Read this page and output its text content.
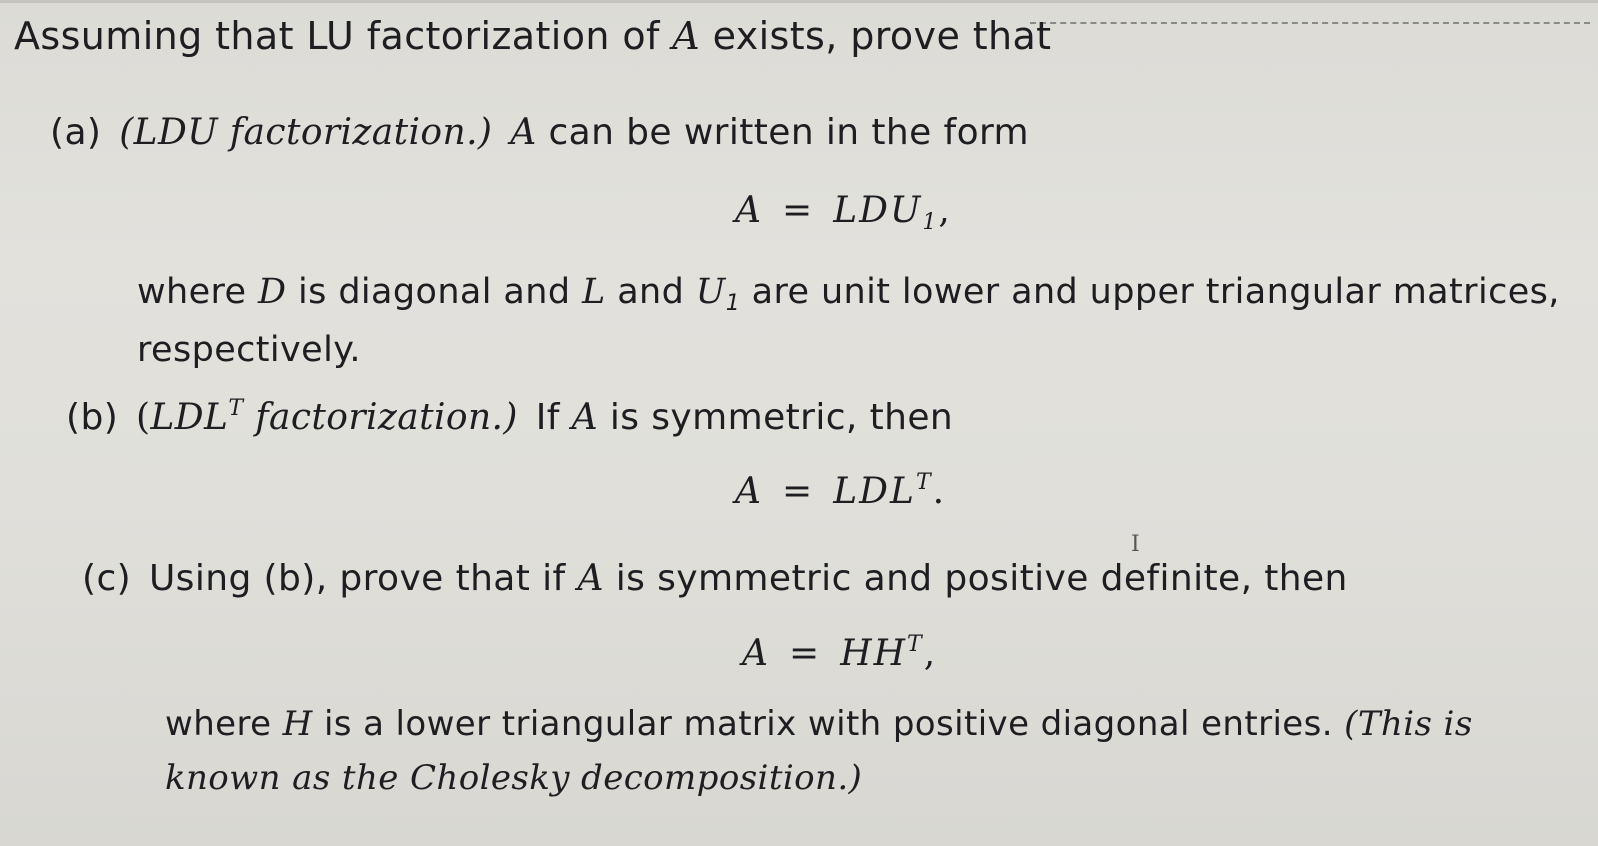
Assuming that LU factorization of A exists, prove that
(a) (LDU factorization.) A can be written in the form
A  =  $LDU_1$,
where D is diagonal and L and $U_1$ are unit lower and upper triangular matrices,
respectively.
(b) ($LDL^T$ factorization.) If A is symmetric, then
A  =  $LDL^T$.
I
(c) Using (b), prove that if A is symmetric and positive definite, then
A  =  $HH^T$,
where H is a lower triangular matrix with positive diagonal entries. (This is
known as the Cholesky decomposition.)
